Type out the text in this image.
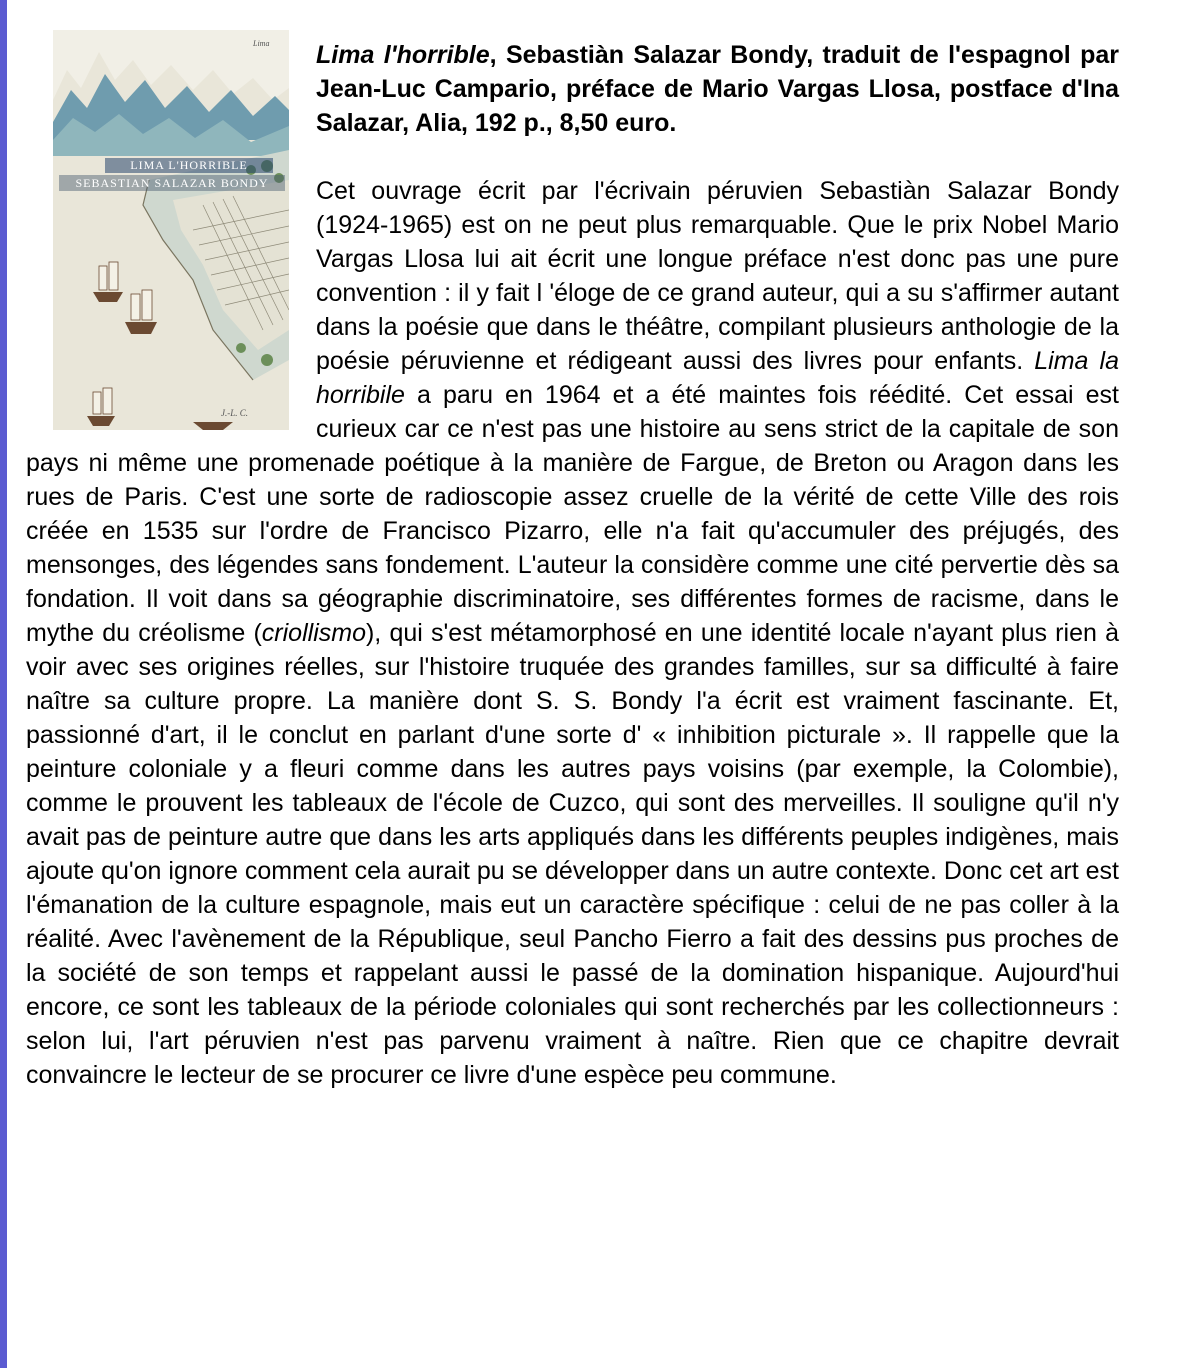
J.-L. C.
Lima
LIMA L'HORRIBLE
SEBASTIAN SALAZAR BONDY

Lima l'horrible, Sebastiàn Salazar Bondy, traduit de l'espagnol par Jean-Luc Campario, préface de Mario Vargas Llosa, postface d'Ina Salazar, Alia, 192 p., 8,50 euro.

Cet ouvrage écrit par l'écrivain péruvien Sebastiàn Salazar Bondy (1924-1965) est on ne peut plus remarquable. Que le prix Nobel Mario Vargas Llosa lui ait écrit une longue préface n'est donc pas une pure convention : il y fait l 'éloge de ce grand auteur, qui a su s'affirmer autant dans la poésie que dans le théâtre, compilant plusieurs anthologie de la poésie péruvienne et rédigeant aussi des livres pour enfants. Lima la horribile a paru en 1964 et a été maintes fois réédité. Cet essai est curieux car ce n'est pas une histoire au sens strict de la capitale de son pays ni même une promenade poétique à la manière de Fargue, de Breton ou Aragon dans les rues de Paris. C'est une sorte de radioscopie assez cruelle de la vérité de cette Ville des rois créée en 1535 sur l'ordre de Francisco Pizarro, elle n'a fait qu'accumuler des préjugés, des mensonges, des légendes sans fondement. L'auteur la considère comme une cité pervertie dès sa fondation. Il voit dans sa géographie discriminatoire, ses différentes formes de racisme, dans le mythe du créolisme (criollismo), qui s'est métamorphosé en une identité locale n'ayant plus rien à voir avec ses origines réelles, sur l'histoire truquée des grandes familles, sur sa difficulté à faire naître sa culture propre. La manière dont S. S. Bondy l'a écrit est vraiment fascinante. Et, passionné d'art, il le conclut en parlant d'une sorte d' « inhibition picturale ». Il rappelle que la peinture coloniale y a fleuri comme dans les autres pays voisins (par exemple, la Colombie), comme le prouvent les tableaux de l'école de Cuzco, qui sont des merveilles. Il souligne qu'il n'y avait pas de peinture autre que dans les arts appliqués dans les différents peuples indigènes, mais ajoute qu'on ignore comment cela aurait pu se développer dans un autre contexte. Donc cet art est l'émanation de la culture espagnole, mais eut un caractère spécifique : celui de ne pas coller à la réalité. Avec l'avènement de la République, seul Pancho Fierro a fait des dessins pus proches de la société de son temps et rappelant aussi le passé de la domination hispanique. Aujourd'hui encore, ce sont les tableaux de la période coloniales qui sont recherchés par les collectionneurs : selon lui, l'art péruvien n'est pas parvenu vraiment à naître. Rien que ce chapitre devrait convaincre le lecteur de se procurer ce livre d'une espèce peu commune.
